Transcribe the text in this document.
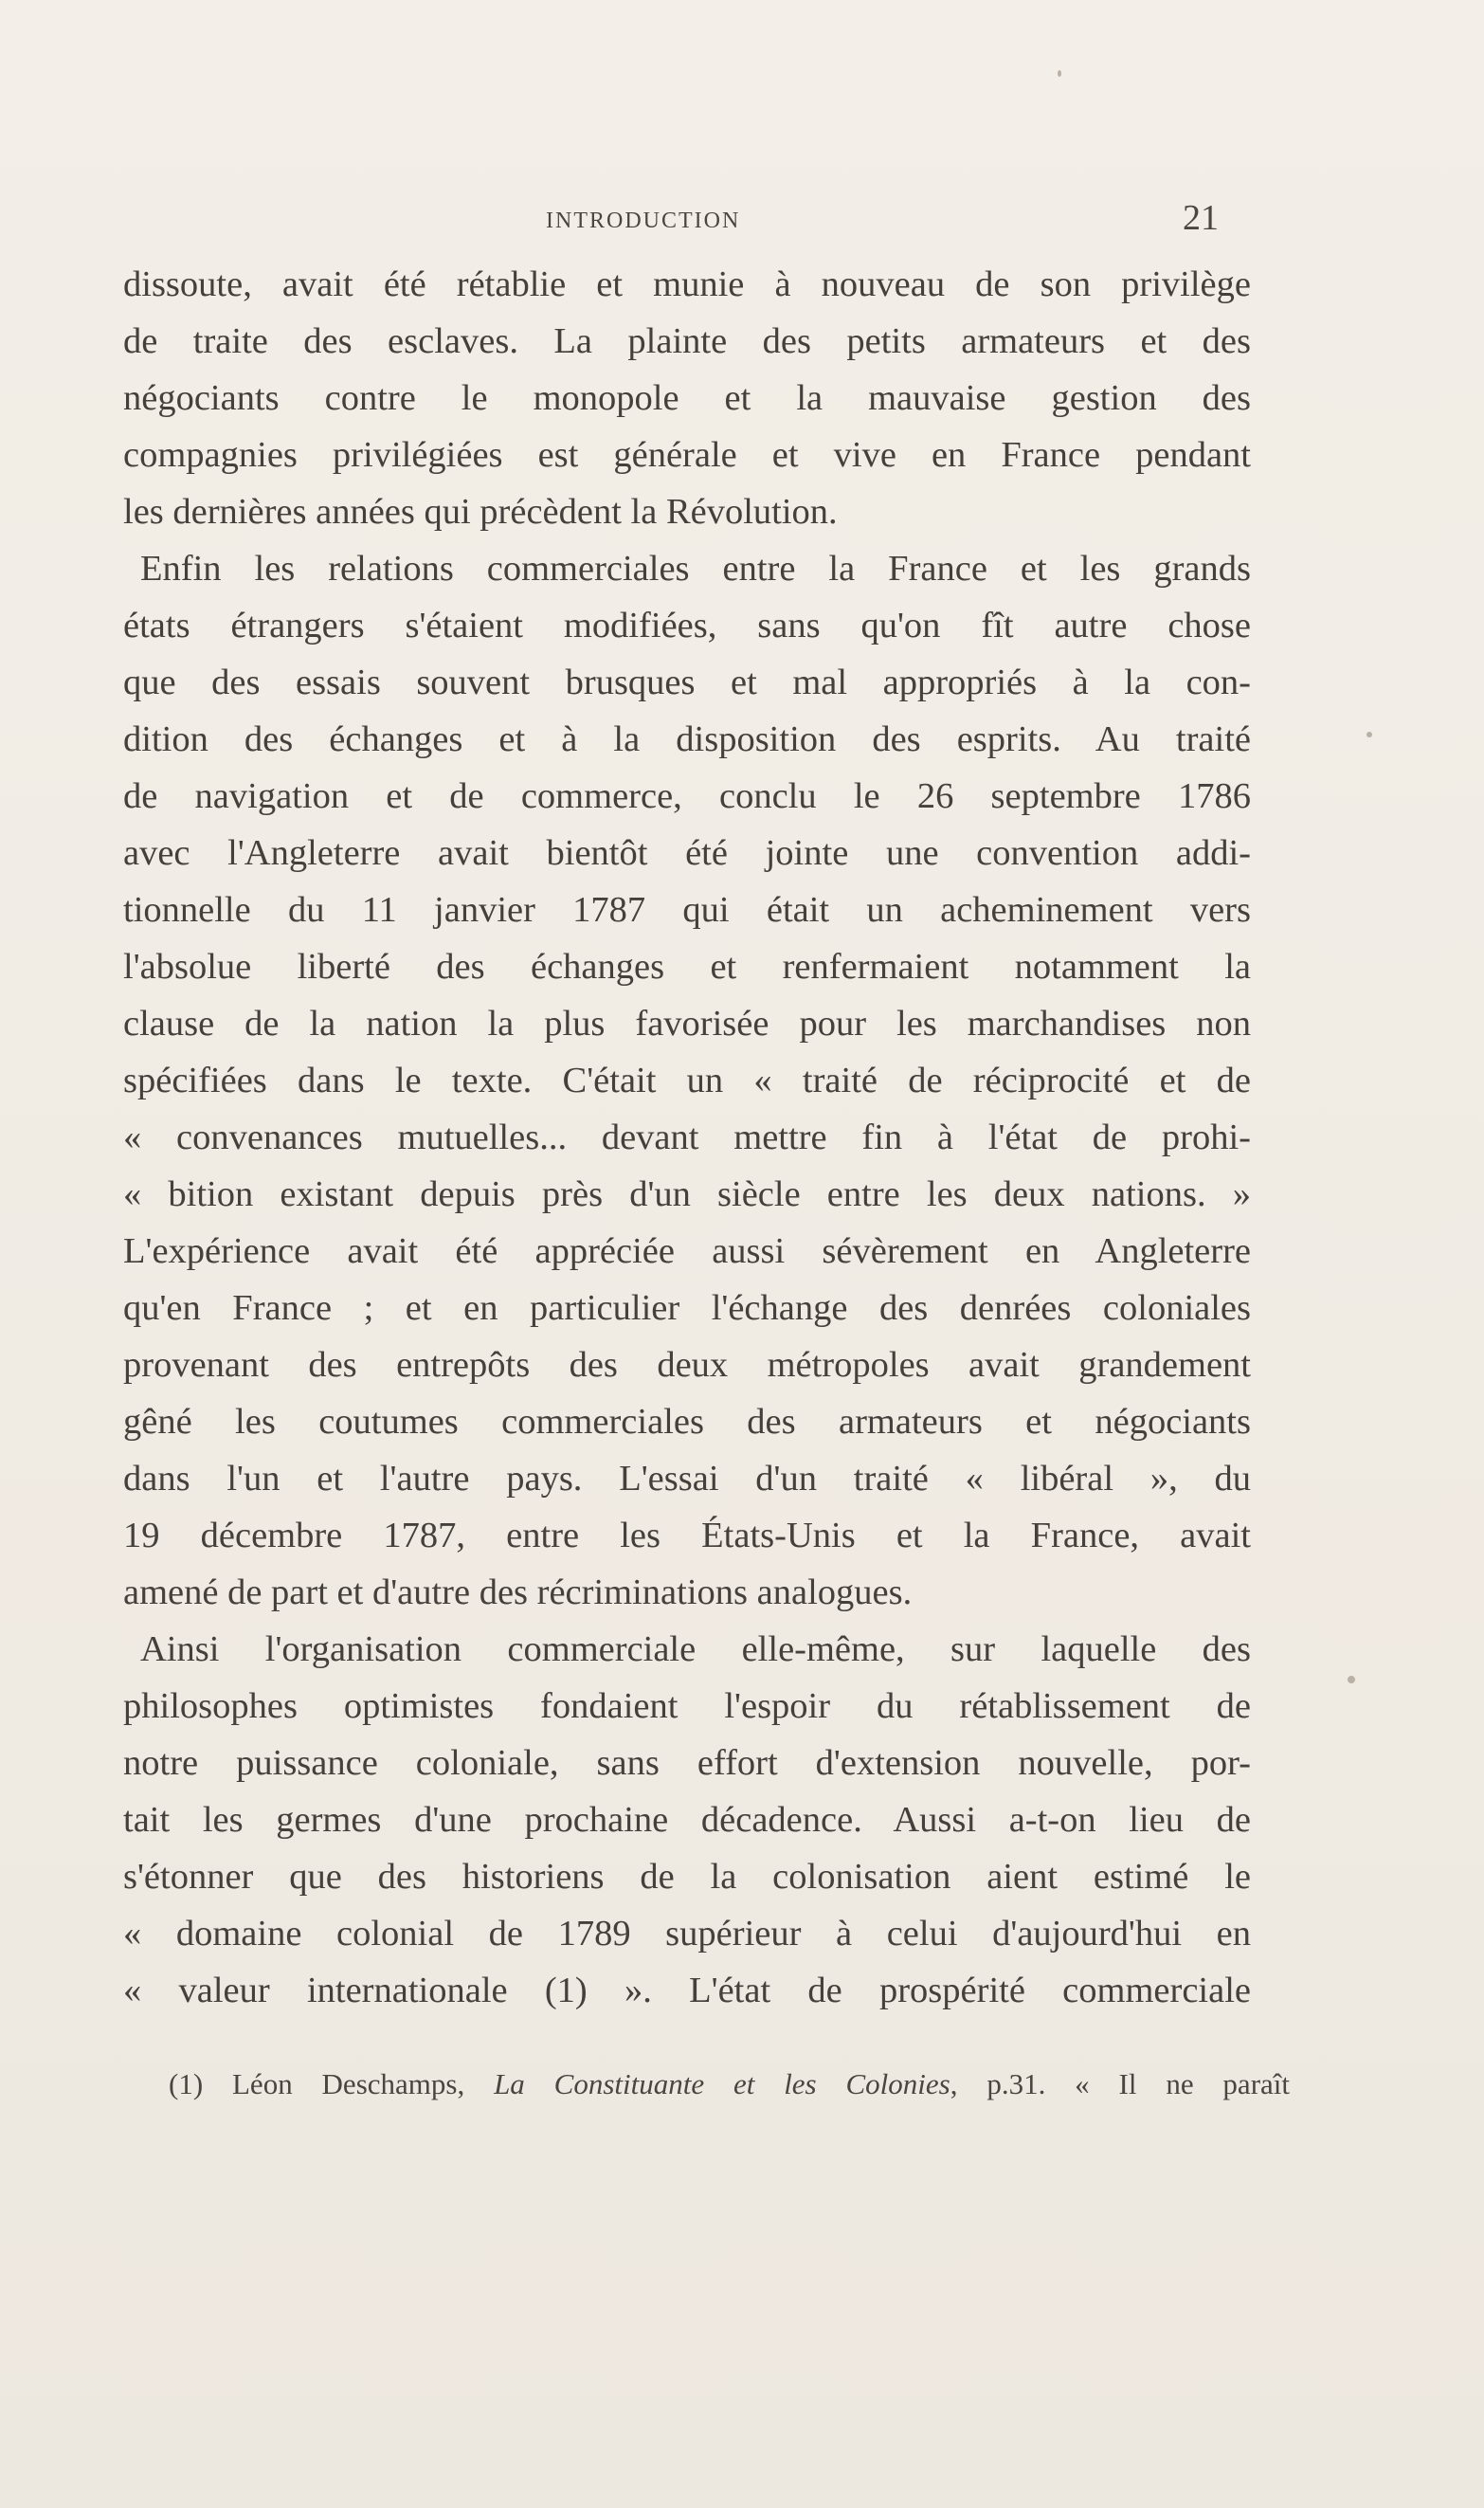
INTRODUCTION	21
dissoute, avait été rétablie et munie à nouveau de son privilège
de traite des esclaves. La plainte des petits armateurs et des
négociants contre le monopole et la mauvaise gestion des
compagnies privilégiées est générale et vive en France pendant
les dernières années qui précèdent la Révolution.
Enfin les relations commerciales entre la France et les grands
états étrangers s'étaient modifiées, sans qu'on fît autre chose
que des essais souvent brusques et mal appropriés à la con-
dition des échanges et à la disposition des esprits. Au traité
de navigation et de commerce, conclu le 26 septembre 1786
avec l'Angleterre avait bientôt été jointe une convention addi-
tionnelle du 11 janvier 1787 qui était un acheminement vers
l'absolue liberté des échanges et renfermaient notamment la
clause de la nation la plus favorisée pour les marchandises non
spécifiées dans le texte. C'était un « traité de réciprocité et de
« convenances mutuelles... devant mettre fin à l'état de prohi-
« bition existant depuis près d'un siècle entre les deux nations. »
L'expérience avait été appréciée aussi sévèrement en Angleterre
qu'en France ; et en particulier l'échange des denrées coloniales
provenant des entrepôts des deux métropoles avait grandement
gêné les coutumes commerciales des armateurs et négociants
dans l'un et l'autre pays. L'essai d'un traité « libéral », du
19 décembre 1787, entre les États-Unis et la France, avait
amené de part et d'autre des récriminations analogues.
Ainsi l'organisation commerciale elle-même, sur laquelle des
philosophes optimistes fondaient l'espoir du rétablissement de
notre puissance coloniale, sans effort d'extension nouvelle, por-
tait les germes d'une prochaine décadence. Aussi a-t-on lieu de
s'étonner que des historiens de la colonisation aient estimé le
« domaine colonial de 1789 supérieur à celui d'aujourd'hui en
« valeur internationale (1) ». L'état de prospérité commerciale
(1) Léon Deschamps, La Constituante et les Colonies, p.31. « Il ne paraît
